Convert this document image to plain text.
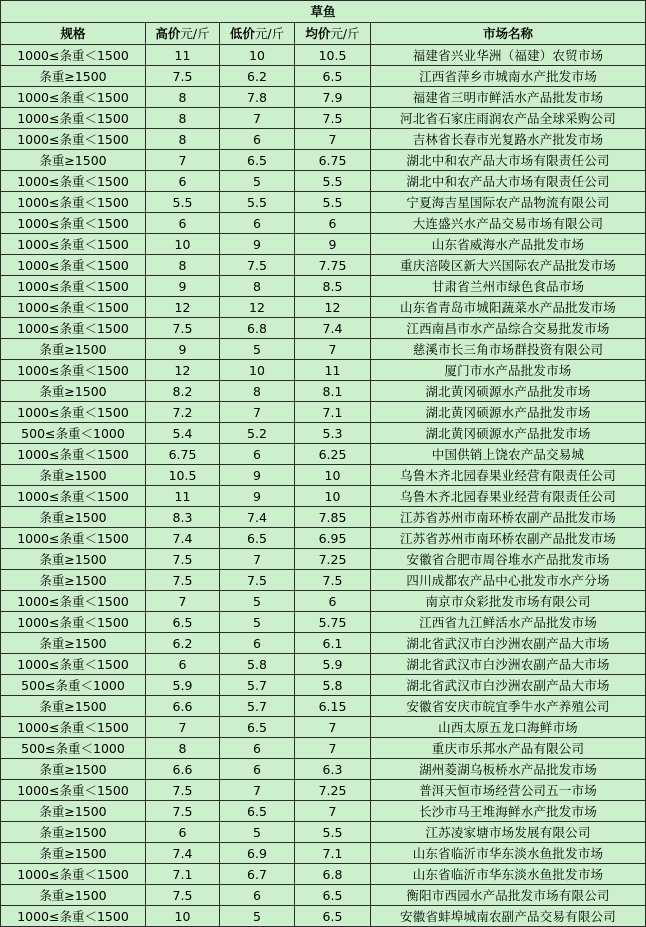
草鱼				
规格	高价元/斤	低价元/斤	均价元/斤	市场名称
1000≤条重＜1500	11	10	10.5	福建省兴业华洲（福建）农贸市场
条重≥1500	7.5	6.2	6.5	江西省萍乡市城南水产批发市场
1000≤条重＜1500	8	7.8	7.9	福建省三明市鲜活水产品批发市场
1000≤条重＜1500	8	7	7.5	河北省石家庄雨润农产品全球采购公司
1000≤条重＜1500	8	6	7	吉林省长春市光复路水产批发市场
条重≥1500	7	6.5	6.75	湖北中和农产品大市场有限责任公司
1000≤条重＜1500	6	5	5.5	湖北中和农产品大市场有限责任公司
1000≤条重＜1500	5.5	5.5	5.5	宁夏海吉星国际农产品物流有限公司
1000≤条重＜1500	6	6	6	大连盛兴水产品交易市场有限公司
1000≤条重＜1500	10	9	9	山东省威海水产品批发市场
1000≤条重＜1500	8	7.5	7.75	重庆涪陵区新大兴国际农产品批发市场
1000≤条重＜1500	9	8	8.5	甘肃省兰州市绿色食品市场
1000≤条重＜1500	12	12	12	山东省青岛市城阳蔬菜水产品批发市场
1000≤条重＜1500	7.5	6.8	7.4	江西南昌市水产品综合交易批发市场
条重≥1500	9	5	7	慈溪市长三角市场群投资有限公司
1000≤条重＜1500	12	10	11	厦门市水产品批发市场
条重≥1500	8.2	8	8.1	湖北黄冈硕源水产品批发市场
1000≤条重＜1500	7.2	7	7.1	湖北黄冈硕源水产品批发市场
500≤条重＜1000	5.4	5.2	5.3	湖北黄冈硕源水产品批发市场
1000≤条重＜1500	6.75	6	6.25	中国供销上饶农产品交易城
条重≥1500	10.5	9	10	乌鲁木齐北园春果业经营有限责任公司
1000≤条重＜1500	11	9	10	乌鲁木齐北园春果业经营有限责任公司
条重≥1500	8.3	7.4	7.85	江苏省苏州市南环桥农副产品批发市场
1000≤条重＜1500	7.4	6.5	6.95	江苏省苏州市南环桥农副产品批发市场
条重≥1500	7.5	7	7.25	安徽省合肥市周谷堆水产品批发市场
条重≥1500	7.5	7.5	7.5	四川成都农产品中心批发市水产分场
1000≤条重＜1500	7	5	6	南京市众彩批发市场有限公司
1000≤条重＜1500	6.5	5	5.75	江西省九江鲜活水产品批发市场
条重≥1500	6.2	6	6.1	湖北省武汉市白沙洲农副产品大市场
1000≤条重＜1500	6	5.8	5.9	湖北省武汉市白沙洲农副产品大市场
500≤条重＜1000	5.9	5.7	5.8	湖北省武汉市白沙洲农副产品大市场
条重≥1500	6.6	5.7	6.15	安徽省安庆市皖宜季牛水产养殖公司
1000≤条重＜1500	7	6.5	7	山西太原五龙口海鲜市场
500≤条重＜1000	8	6	7	重庆市乐邦水产品有限公司
条重≥1500	6.6	6	6.3	湖州菱湖乌板桥水产品批发市场
1000≤条重＜1500	7.5	7	7.25	普洱天恒市场经营公司五一市场
条重≥1500	7.5	6.5	7	长沙市马王堆海鲜水产批发市场
条重≥1500	6	5	5.5	江苏凌家塘市场发展有限公司
条重≥1500	7.4	6.9	7.1	山东省临沂市华东淡水鱼批发市场
1000≤条重＜1500	7.1	6.7	6.8	山东省临沂市华东淡水鱼批发市场
条重≥1500	7.5	6	6.5	衡阳市西园水产品批发市场有限公司
1000≤条重＜1500	10	5	6.5	安徽省蚌埠城南农副产品交易有限公司
